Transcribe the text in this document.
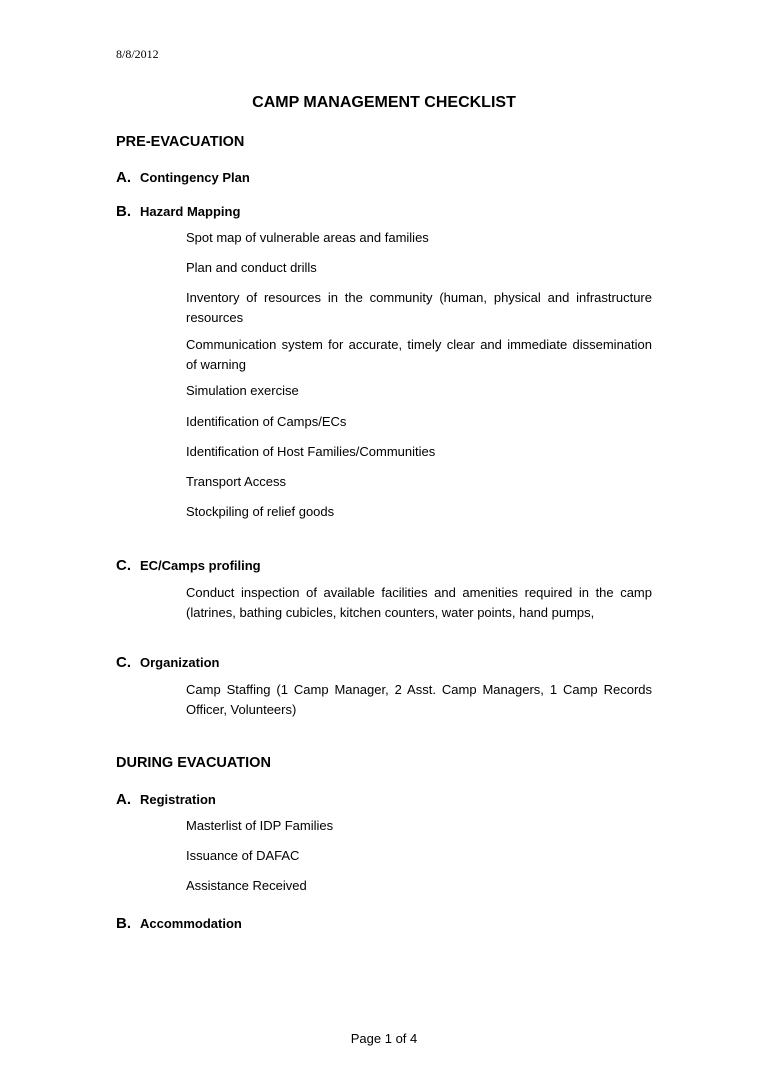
8/8/2012
CAMP MANAGEMENT CHECKLIST
PRE-EVACUATION
A. Contingency Plan
B. Hazard Mapping
Spot map of vulnerable areas and families
Plan and conduct drills
Inventory of resources in the community (human, physical and infrastructure resources
Communication system for accurate, timely clear and immediate dissemination of warning
Simulation exercise
Identification of Camps/ECs
Identification of Host Families/Communities
Transport Access
Stockpiling of relief goods
C. EC/Camps profiling
Conduct inspection of available facilities and amenities required in the camp (latrines, bathing cubicles, kitchen counters, water points, hand pumps,
C. Organization
Camp Staffing (1 Camp Manager, 2 Asst. Camp Managers, 1 Camp Records Officer, Volunteers)
DURING EVACUATION
A. Registration
Masterlist of IDP Families
Issuance of DAFAC
Assistance Received
B. Accommodation
Page 1 of 4
